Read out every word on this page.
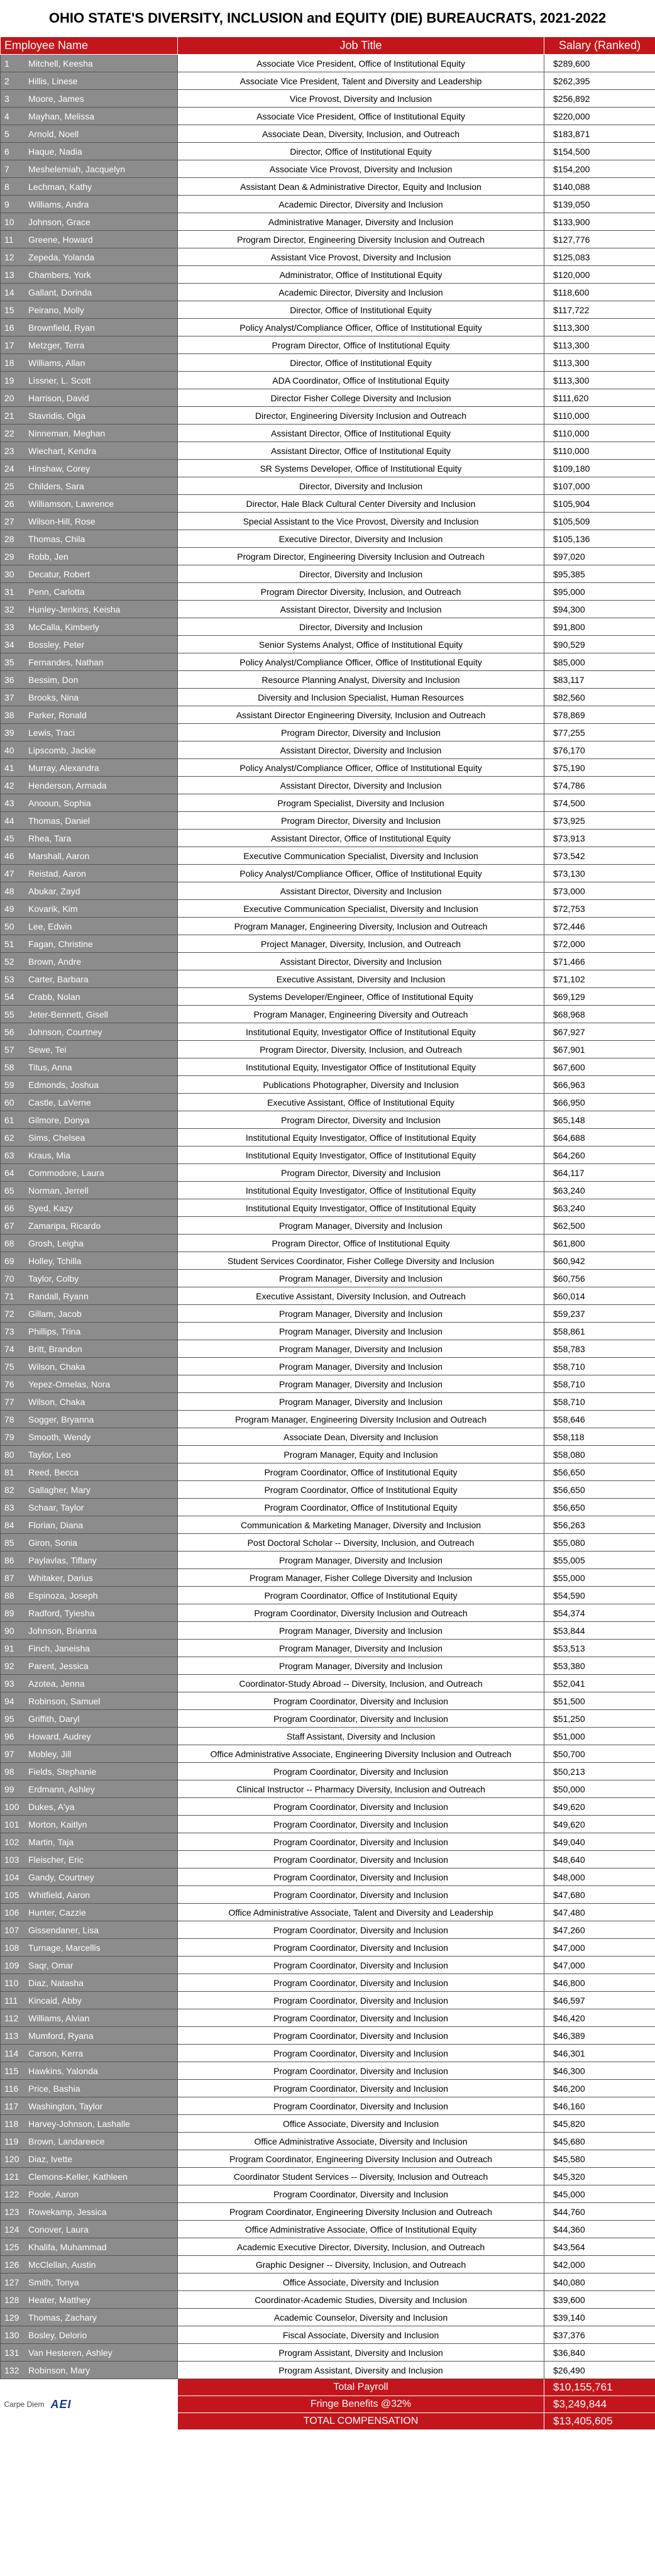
OHIO STATE'S DIVERSITY, INCLUSION and EQUITY (DIE) BUREAUCRATS, 2021-2022
Employee Name	Job Title	Salary (Ranked)
1 Mitchell, Keesha	Associate Vice President, Office of Institutional Equity	$289,600
2 Hillis, Linese	Associate Vice President, Talent and Diversity and Leadership	$262,395
3 Moore, James	Vice Provost, Diversity and Inclusion	$256,892
4 Mayhan, Melissa	Associate Vice President, Office of Institutional Equity	$220,000
5 Arnold, Noell	Associate Dean, Diversity, Inclusion, and Outreach	$183,871
6 Haque, Nadia	Director, Office of Institutional Equity	$154,500
7 Meshelemiah, Jacquelyn	Associate Vice Provost, Diversity and Inclusion	$154,200
8 Lechman, Kathy	Assistant Dean & Administrative Director, Equity and Inclusion	$140,088
9 Williams, Andra	Academic Director, Diversity and Inclusion	$139,050
10 Johnson, Grace	Administrative Manager, Diversity and Inclusion	$133,900
11 Greene, Howard	Program Director, Engineering Diversity Inclusion and Outreach	$127,776
12 Zepeda, Yolanda	Assistant Vice Provost, Diversity and Inclusion	$125,083
13 Chambers, York	Administrator, Office of Institutional Equity	$120,000
14 Gallant, Dorinda	Academic Director, Diversity and Inclusion	$118,600
15 Peirano, Molly	Director, Office of Institutional Equity	$117,722
16 Brownfield, Ryan	Policy Analyst/Compliance Officer, Office of Institutional Equity	$113,300
17 Metzger, Terra	Program Director, Office of Institutional Equity	$113,300
18 Williams, Allan	Director, Office of Institutional Equity	$113,300
19 Lissner, L. Scott	ADA Coordinator, Office of Institutional Equity	$113,300
20 Harrison, David	Director Fisher College Diversity and Inclusion	$111,620
21 Stavridis, Olga	Director, Engineering Diversity Inclusion and Outreach	$110,000
22 Ninneman, Meghan	Assistant Director, Office of Institutional Equity	$110,000
23 Wiechart, Kendra	Assistant Director, Office of Institutional Equity	$110,000
24 Hinshaw, Corey	SR Systems Developer, Office of Institutional Equity	$109,180
25 Childers, Sara	Director, Diversity and Inclusion	$107,000
26 Williamson, Lawrence	Director, Hale Black Cultural Center Diversity and Inclusion	$105,904
27 Wilson-Hill, Rose	Special Assistant to the Vice Provost, Diversity and Inclusion	$105,509
28 Thomas, Chila	Executive Director, Diversity and Inclusion	$105,136
29 Robb, Jen	Program Director, Engineering Diversity Inclusion and Outreach	$97,020
30 Decatur, Robert	Director, Diversity and Inclusion	$95,385
31 Penn, Carlotta	Program Director Diversity, Inclusion, and Outreach	$95,000
32 Hunley-Jenkins, Keisha	Assistant Director, Diversity and Inclusion	$94,300
33 McCalla, Kimberly	Director, Diversity and Inclusion	$91,800
34 Bossley, Peter	Senior Systems Analyst, Office of Institutional Equity	$90,529
35 Fernandes, Nathan	Policy Analyst/Compliance Officer, Office of Institutional Equity	$85,000
36 Bessim, Don	Resource Planning Analyst, Diversity and Inclusion	$83,117
37 Brooks, Nina	Diversity and Inclusion Specialist, Human Resources	$82,560
38 Parker, Ronald	Assistant Director Engineering Diversity, Inclusion and Outreach	$78,869
39 Lewis, Traci	Program Director, Diversity and Inclusion	$77,255
40 Lipscomb, Jackie	Assistant Director, Diversity and Inclusion	$76,170
41 Murray, Alexandra	Policy Analyst/Compliance Officer, Office of Institutional Equity	$75,190
42 Henderson, Armada	Assistant Director, Diversity and Inclusion	$74,786
43 Anooun, Sophia	Program Specialist, Diversity and Inclusion	$74,500
44 Thomas, Daniel	Program Director, Diversity and Inclusion	$73,925
45 Rhea, Tara	Assistant Director, Office of Institutional Equity	$73,913
46 Marshall, Aaron	Executive Communication Specialist, Diversity and Inclusion	$73,542
47 Reistad, Aaron	Policy Analyst/Compliance Officer, Office of Institutional Equity	$73,130
48 Abukar, Zayd	Assistant Director, Diversity and Inclusion	$73,000
49 Kovarik, Kim	Executive Communication Specialist, Diversity and Inclusion	$72,753
50 Lee, Edwin	Program Manager, Engineering Diversity, Inclusion and Outreach	$72,446
51 Fagan, Christine	Project Manager, Diversity, Inclusion, and Outreach	$72,000
52 Brown, Andre	Assistant Director, Diversity and Inclusion	$71,466
53 Carter, Barbara	Executive Assistant, Diversity and Inclusion	$71,102
54 Crabb, Nolan	Systems Developer/Engineer, Office of Institutional Equity	$69,129
55 Jeter-Bennett, Gisell	Program Manager, Engineering Diversity and Outreach	$68,968
56 Johnson, Courtney	Institutional Equity, Investigator Office of Institutional Equity	$67,927
57 Sewe, Tei	Program Director, Diversity, Inclusion, and Outreach	$67,901
58 Titus, Anna	Institutional Equity, Investigator Office of Institutional Equity	$67,600
59 Edmonds, Joshua	Publications Photographer, Diversity and Inclusion	$66,963
60 Castle, LaVerne	Executive Assistant, Office of Institutional Equity	$66,950
61 Gilmore, Donya	Program Director, Diversity and Inclusion	$65,148
62 Sims, Chelsea	Institutional Equity Investigator, Office of Institutional Equity	$64,688
63 Kraus, Mia	Institutional Equity Investigator, Office of Institutional Equity	$64,260
64 Commodore, Laura	Program Director, Diversity and Inclusion	$64,117
65 Norman, Jerrell	Institutional Equity Investigator, Office of Institutional Equity	$63,240
66 Syed, Kazy	Institutional Equity Investigator, Office of Institutional Equity	$63,240
67 Zamaripa, Ricardo	Program Manager, Diversity and Inclusion	$62,500
68 Grosh, Leigha	Program Director, Office of Institutional Equity	$61,800
69 Holley, Tchilla	Student Services Coordinator, Fisher College Diversity and Inclusion	$60,942
70 Taylor, Colby	Program Manager, Diversity and Inclusion	$60,756
71 Randall, Ryann	Executive Assistant, Diversity Inclusion, and Outreach	$60,014
72 Gillam, Jacob	Program Manager, Diversity and Inclusion	$59,237
73 Phillips, Trina	Program Manager, Diversity and Inclusion	$58,861
74 Britt, Brandon	Program Manager, Diversity and Inclusion	$58,783
75 Wilson, Chaka	Program Manager, Diversity and Inclusion	$58,710
76 Yepez-Ornelas, Nora	Program Manager, Diversity and Inclusion	$58,710
77 Wilson, Chaka	Program Manager, Diversity and Inclusion	$58,710
78 Sogger, Bryanna	Program Manager, Engineering Diversity Inclusion and Outreach	$58,646
79 Smooth, Wendy	Associate Dean, Diversity and Inclusion	$58,118
80 Taylor, Leo	Program Manager, Equity and Inclusion	$58,080
81 Reed, Becca	Program Coordinator, Office of Institutional Equity	$56,650
82 Gallagher, Mary	Program Coordinator, Office of Institutional Equity	$56,650
83 Schaar, Taylor	Program Coordinator, Office of Institutional Equity	$56,650
84 Florian, Diana	Communication & Marketing Manager, Diversity and Inclusion	$56,263
85 Giron, Sonia	Post Doctoral Scholar -- Diversity, Inclusion, and Outreach	$55,080
86 Paylavlas, Tiffany	Program Manager, Diversity and Inclusion	$55,005
87 Whitaker, Darius	Program Manager, Fisher College Diversity and Inclusion	$55,000
88 Espinoza, Joseph	Program Coordinator, Office of Institutional Equity	$54,590
89 Radford, Tyiesha	Program Coordinator, Diversity Inclusion and Outreach	$54,374
90 Johnson, Brianna	Program Manager, Diversity and Inclusion	$53,844
91 Finch, Janeisha	Program Manager, Diversity and Inclusion	$53,513
92 Parent, Jessica	Program Manager, Diversity and Inclusion	$53,380
93 Azotea, Jenna	Coordinator-Study Abroad -- Diversity, Inclusion, and Outreach	$52,041
94 Robinson, Samuel	Program Coordinator, Diversity and Inclusion	$51,500
95 Griffith, Daryl	Program Coordinator, Diversity and Inclusion	$51,250
96 Howard, Audrey	Staff Assistant, Diversity and Inclusion	$51,000
97 Mobley, Jill	Office Administrative Associate, Engineering Diversity Inclusion and Outreach	$50,700
98 Fields, Stephanie	Program Coordinator, Diversity and Inclusion	$50,213
99 Erdmann, Ashley	Clinical Instructor -- Pharmacy Diversity, Inclusion and Outreach	$50,000
100 Dukes, A'ya	Program Coordinator, Diversity and Inclusion	$49,620
101 Morton, Kaitlyn	Program Coordinator, Diversity and Inclusion	$49,620
102 Martin, Taja	Program Coordinator, Diversity and Inclusion	$49,040
103 Fleischer, Eric	Program Coordinator, Diversity and Inclusion	$48,640
104 Gandy, Courtney	Program Coordinator, Diversity and Inclusion	$48,000
105 Whitfield, Aaron	Program Coordinator, Diversity and Inclusion	$47,680
106 Hunter, Cazzie	Office Administrative Associate, Talent and Diversity and Leadership	$47,480
107 Gissendaner, Lisa	Program Coordinator, Diversity and Inclusion	$47,260
108 Turnage, Marcellis	Program Coordinator, Diversity and Inclusion	$47,000
109 Saqr, Omar	Program Coordinator, Diversity and Inclusion	$47,000
110 Diaz, Natasha	Program Coordinator, Diversity and Inclusion	$46,800
111 Kincaid, Abby	Program Coordinator, Diversity and Inclusion	$46,597
112 Williams, Alvian	Program Coordinator, Diversity and Inclusion	$46,420
113 Mumford, Ryana	Program Coordinator, Diversity and Inclusion	$46,389
114 Carson, Kerra	Program Coordinator, Diversity and Inclusion	$46,301
115 Hawkins, Yalonda	Program Coordinator, Diversity and Inclusion	$46,300
116 Price, Bashia	Program Coordinator, Diversity and Inclusion	$46,200
117 Washington, Taylor	Program Coordinator, Diversity and Inclusion	$46,160
118 Harvey-Johnson, Lashalle	Office Associate, Diversity and Inclusion	$45,820
119 Brown, Landareece	Office Administrative Associate, Diversity and Inclusion	$45,680
120 Diaz, Ivette	Program Coordinator, Engineering Diversity Inclusion and Outreach	$45,580
121 Clemons-Keller, Kathleen	Coordinator Student Services -- Diversity, Inclusion and Outreach	$45,320
122 Poole, Aaron	Program Coordinator, Diversity and Inclusion	$45,000
123 Rowekamp, Jessica	Program Coordinator, Engineering Diversity Inclusion and Outreach	$44,760
124 Conover, Laura	Office Administrative Associate, Office of Institutional Equity	$44,360
125 Khalifa, Muhammad	Academic Executive Director, Diversity, Inclusion, and Outreach	$43,564
126 McClellan, Austin	Graphic Designer -- Diversity, Inclusion, and Outreach	$42,000
127 Smith, Tonya	Office Associate, Diversity and Inclusion	$40,080
128 Heater, Matthey	Coordinator-Academic Studies, Diversity and Inclusion	$39,600
129 Thomas, Zachary	Academic Counselor, Diversity and Inclusion	$39,140
130 Bosley, Delorio	Fiscal Associate, Diversity and Inclusion	$37,376
131 Van Hesteren, Ashley	Program Assistant, Diversity and Inclusion	$36,840
132 Robinson, Mary	Program Assistant, Diversity and Inclusion	$26,490

Carpe Diem AEI	Total Payroll	$10,155,761
	Fringe Benefits @32%	$3,249,844
	TOTAL COMPENSATION	$13,405,605
